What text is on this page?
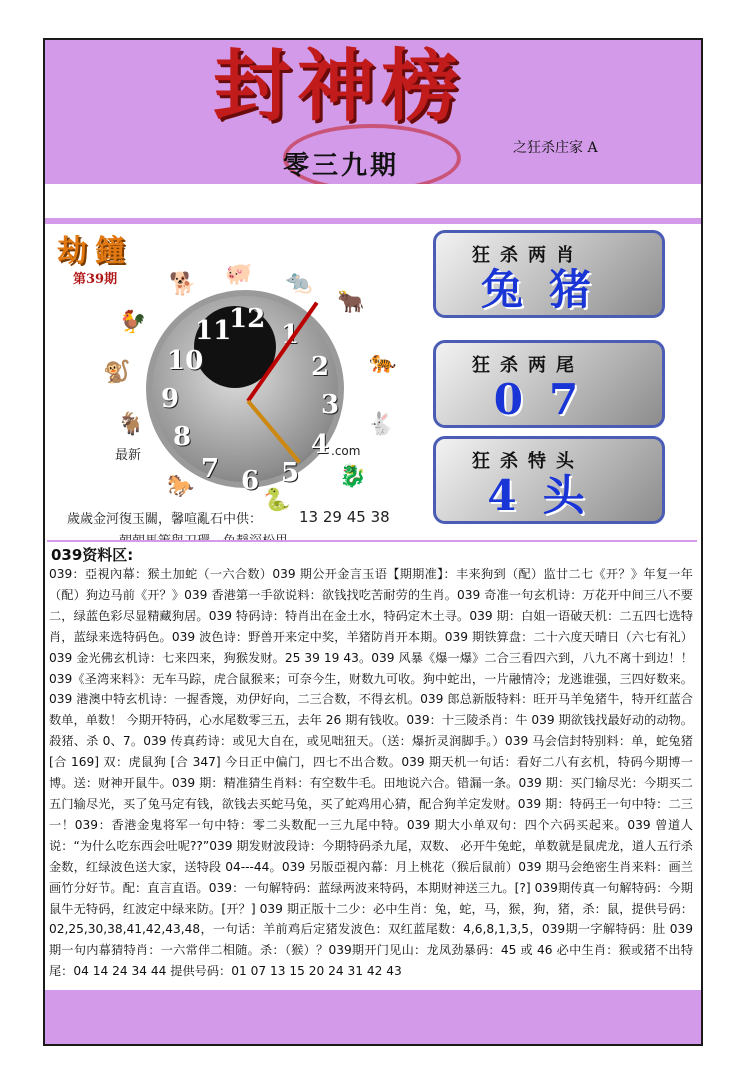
封神榜
零三九期
之狂杀庄家 A
劫鐘
第39期
12
1
2
3
4
5
6
7
8
9
10
11
🐕 🐖 🐀
🐂
🐅
🐇
🐉
🐍
🐎
🐐
🐒
🐓
最新	.com
歲歲金河復玉關，馨喧亂石中供： 13 29 45 38
狂杀两肖
兔猪
狂杀两尾
07
狂杀特头
4头
039资料区:
039：亞視內幕：猴土加蛇（一六合数）039 期公开金言玉语【期期准】：丰来狗到（配）监廿二七《开？》年复一年（配）狗边马前《开？》039 香港第一手欲说料：欲钱找吃苦耐劳的生肖。039 奇准一句玄机诗：万花开中间三八不要二，绿蓝色彩尽显精藏狗居。039 特码诗：特肖出在金土水，特码定木土寻。039 期：白姐一语破天机：二五四七选特肖，蓝绿来选特码色。039 波色诗：野兽开来定中奖，羊猪防肖开本期。039 期铁算盘：二十六度天晴日（六七有礼）039 金光佛玄机诗：七来四来，狗猴发财。25 39 19 43。039 风暴《爆一爆》二合三看四六到，八九不离十到边！！039《圣湾来料》：无车马踪，虎合鼠猴来；可奈今生，财数九可收。狗中蛇出，一片融情冷；龙逃谁强，三四好数来。039 港澳中特玄机诗：一握香篾，劝伊好向，二三合数，不得玄机。039 郎总新版特料：旺开马羊兔猪牛，特开红蓝合数单，单数！ 今期开特码，心水尾数零三五，去年 26 期有钱收。039：十三陵杀肖：牛 039 期欲钱找最好动的动物。 殺猪、杀 0、7。039 传真药诗：或见大自在，或见咄狃天。（送：爆折灵润脚手。）039 马会信封特别料：单，蛇兔猪 [合 169] 双：虎鼠狗 [合 347] 今日正中偏门，四七不出合数。039 期天机一句话：看好二八有玄机，特码今期博一博。送：财神开鼠牛。039 期：精准猜生肖料：有空数牛毛。田地说六合。错漏一条。039 期：买门输尽光：今期买二五门输尽光，买了兔马定有钱，欲钱去买蛇马兔，买了蛇鸡用心猜，配合狗羊定发财。039 期：特码王一句中特：二三一！039：香港金鬼将军一句中特：零二头数配一三九尾中特。039 期大小单双句：四个六码买起来。039 曾道人说：“为什么吃东西会吐呢??”039 期发财波段诗：今期特码杀九尾，双数、 必开牛兔蛇，单数就是鼠虎龙，道人五行杀金数，红绿波色送大家，送特段 04---44。039 另版亞視內幕：月上桃花（猴后鼠前）039 期马会绝密生肖来料：画兰画竹分好节。配：直言直语。039：一句解特码：蓝绿两波来特码，本期财神送三九。[?] 039期传真一句解特码：今期鼠牛无特码，红波定中绿来防。[开？] 039 期正版十二少：必中生肖：兔，蛇，马，猴，狗，猪，杀：鼠，提供号码：02,25,30,38,41,42,43,48，一句话：羊前鸡后定猪发波色：双红蓝尾数：4,6,8,1,3,5，039期一字解特码：肚 039 期一句内幕猜特肖：一六常伴二相随。杀：（猴）？039期开门见山：龙凤劲暴码：45 或 46 必中生肖：猴或猪不出特尾：04 14 24 34 44 提供号码：01 07 13 15 20 24 31 42 43
